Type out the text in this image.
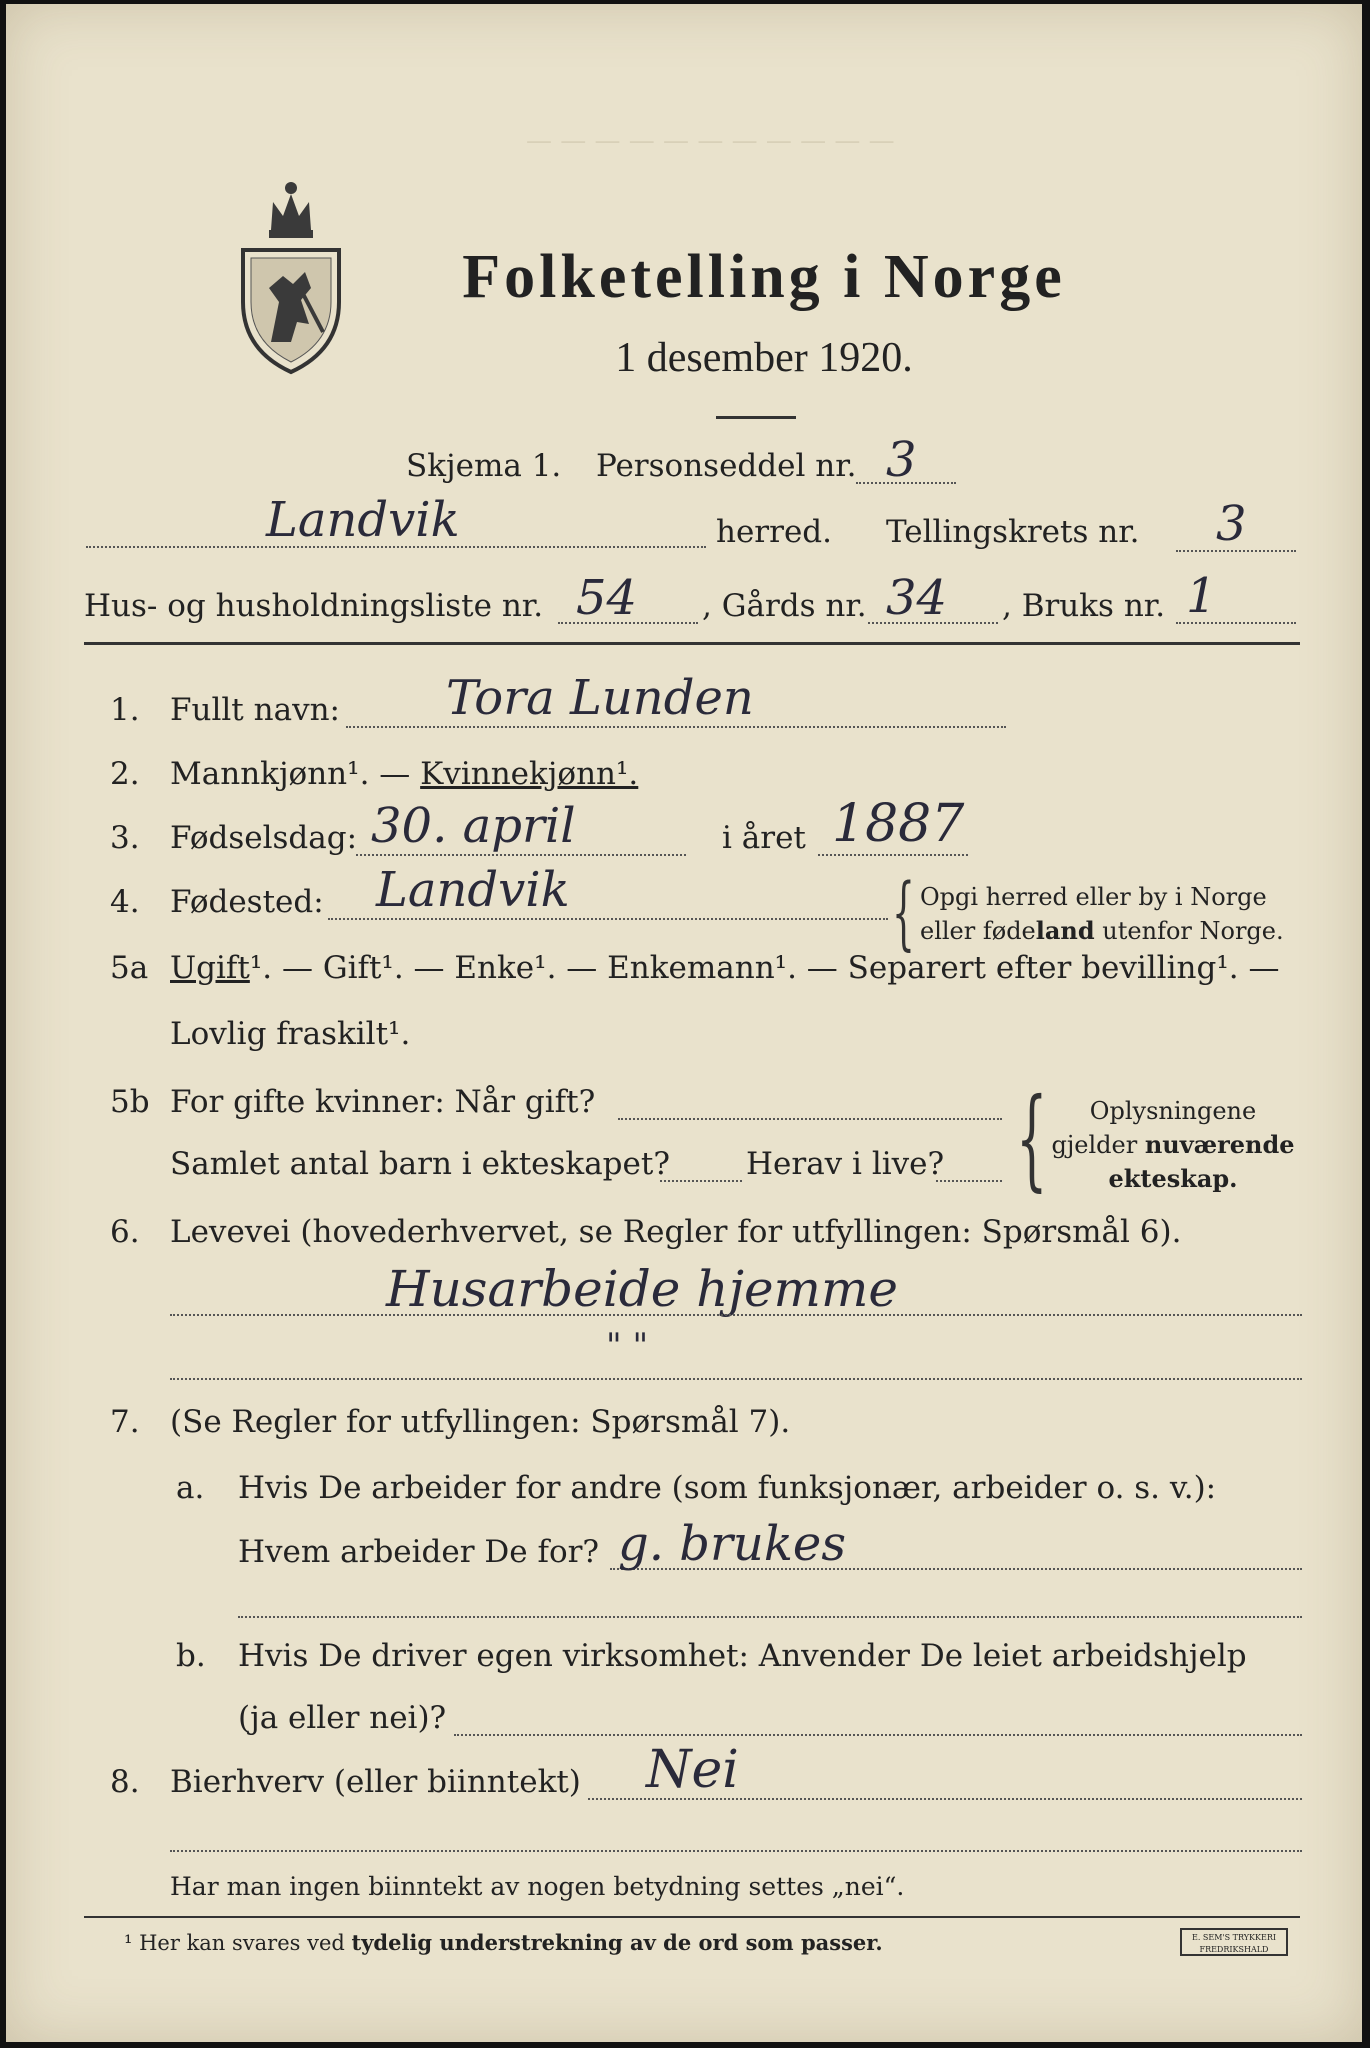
— — — — — — — — — — —
Folketelling i Norge
1 desember 1920.
Skjema 1. Personseddel nr. 3
Landvik	herred. Tellingskrets nr. 3
Hus- og husholdningsliste nr. 54 , Gårds nr. 34 , Bruks nr. 1
1. Fullt navn: Tora Lunden
2. Mannkjønn¹. — Kvinnekjønn¹.
3. Fødselsdag: 30. april	i året 1887
4. Fødested: Landvik	{ Opgi herred eller by i Norge
eller fødeland utenfor Norge.
5a Ugift¹. — Gift¹. — Enke¹. — Enkemann¹. — Separert efter bevilling¹. —
Lovlig fraskilt¹.
5b For gifte kvinner: Når gift?
Samlet antal barn i ekteskapet? Herav i live? {	Oplysningene
gjelder nuværende
ekteskap.
6. Levevei (hovederhvervet, se Regler for utfyllingen: Spørsmål 6).
Husarbeide hjemme
" "
7. (Se Regler for utfyllingen: Spørsmål 7).
a. Hvis De arbeider for andre (som funksjonær, arbeider o. s. v.):
Hvem arbeider De for? g. brukes
b. Hvis De driver egen virksomhet: Anvender De leiet arbeidshjelp
(ja eller nei)?
8. Bierhverv (eller biinntekt) Nei
Har man ingen biinntekt av nogen betydning settes „nei“.
¹ Her kan svares ved tydelig understrekning av de ord som passer.	E. SEM'S TRYKKERI FREDRIKSHALD
